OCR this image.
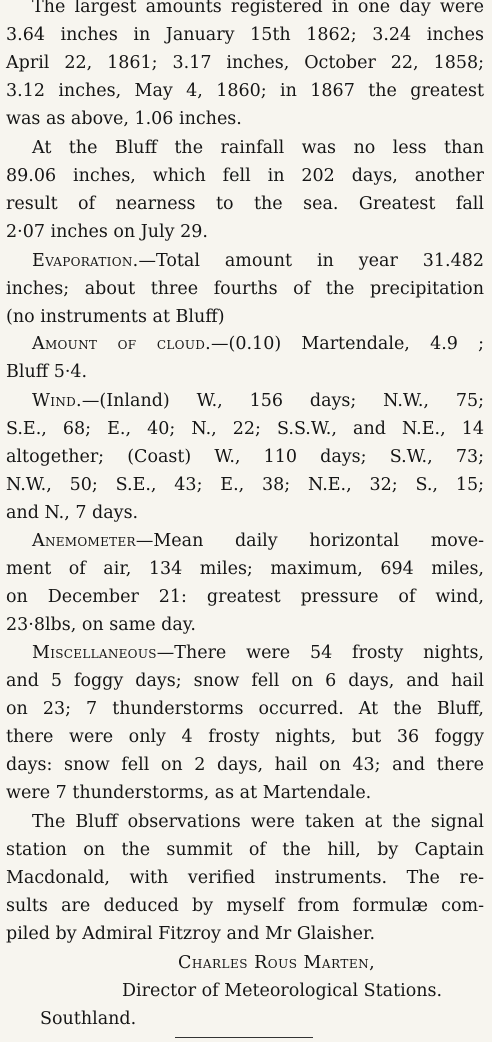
The largest amounts registered in one day were
3.64 inches in January 15th 1862; 3.24 inches
April 22, 1861; 3.17 inches, October 22, 1858;
3.12 inches, May 4, 1860; in 1867 the greatest
was as above, 1.06 inches.
At the Bluff the rainfall was no less than
89.06 inches, which fell in 202 days, another
result of nearness to the sea. Greatest fall
2·07 inches on July 29.
Evaporation.—Total amount in year 31.482
inches; about three fourths of the precipitation
(no instruments at Bluff)
Amount of cloud.—(0.10) Martendale, 4.9 ;
Bluff 5·4.
Wind.—(Inland) W., 156 days; N.W., 75;
S.E., 68; E., 40; N., 22; S.S.W., and N.E., 14
altogether; (Coast) W., 110 days; S.W., 73;
N.W., 50; S.E., 43; E., 38; N.E., 32; S., 15;
and N., 7 days.
Anemometer—Mean daily horizontal move-
ment of air, 134 miles; maximum, 694 miles,
on December 21: greatest pressure of wind,
23·8lbs, on same day.
Miscellaneous—There were 54 frosty nights,
and 5 foggy days; snow fell on 6 days, and hail
on 23; 7 thunderstorms occurred. At the Bluff,
there were only 4 frosty nights, but 36 foggy
days: snow fell on 2 days, hail on 43; and there
were 7 thunderstorms, as at Martendale.
The Bluff observations were taken at the signal
station on the summit of the hill, by Captain
Macdonald, with verified instruments. The re-
sults are deduced by myself from formulæ com-
piled by Admiral Fitzroy and Mr Glaisher.
Charles Rous Marten,
Director of Meteorological Stations.
Southland.
